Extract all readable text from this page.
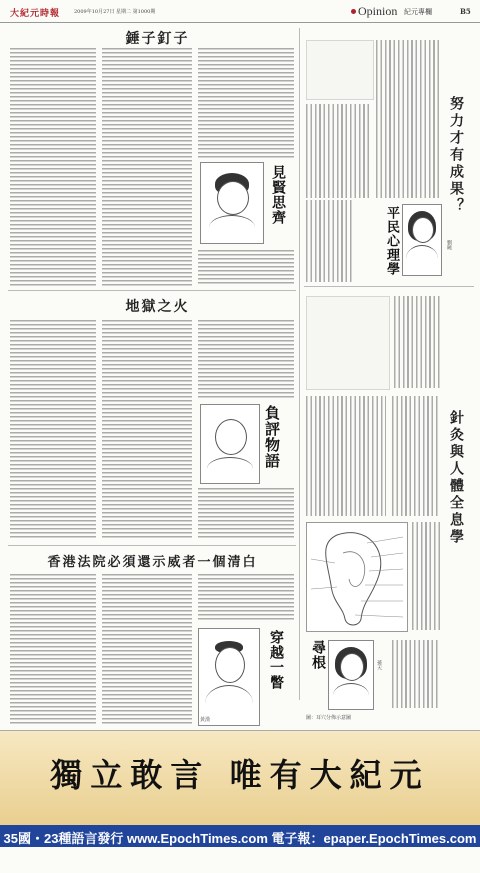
大紀元時報	2009年10月27日 星期二 第1000期	Opinion 紀元專欄	B5
錘子釘子
見賢思齊
地獄之火
負評物語
香港法院必須還示威者一個清白
黃漢
穿越一瞥
努力才有成果？
平民心理學	劉曉
針灸與人體全息學
尋根	孫天
圖：耳穴分佈示意圖
獨立敢言 唯有大紀元
35國・23種語言發行 www.EpochTimes.com 電子報：epaper.EpochTimes.com
